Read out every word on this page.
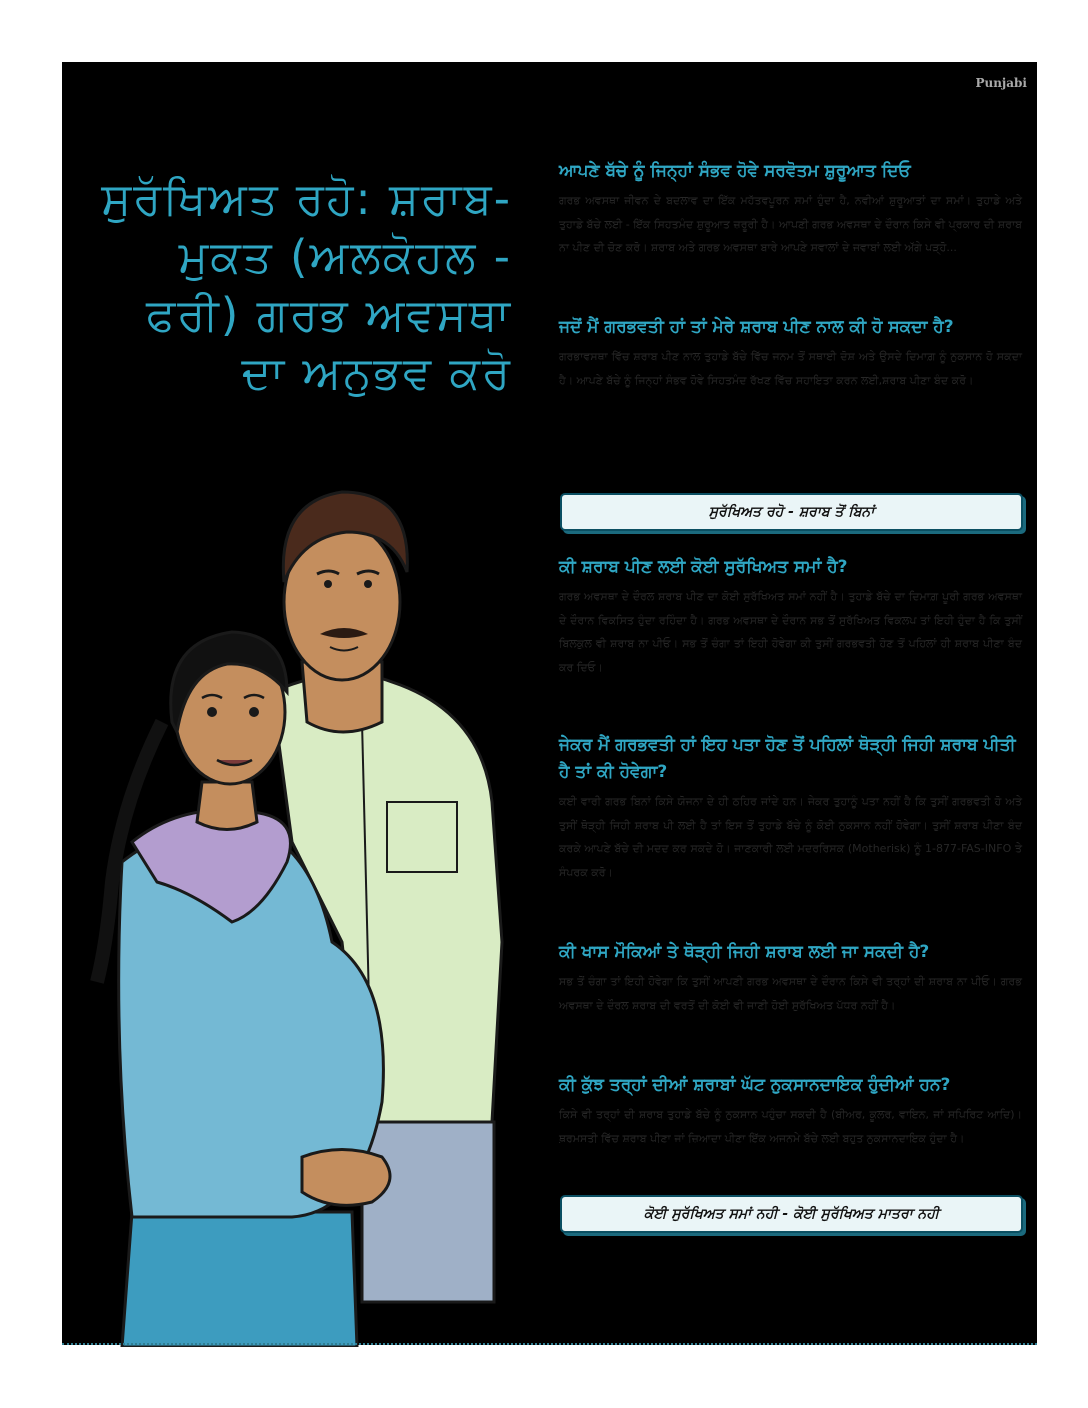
Punjabi
ਸੁਰੱਖਿਅਤ ਰਹੋ: ਸ਼ਰਾਬ-
ਮੁਕਤ (ਅਲਕੋਹਲ -
ਫਰੀ) ਗਰਭ ਅਵਸਥਾ
ਦਾ ਅਨੁਭਵ ਕਰੋ

ਆਪਣੇ ਬੱਚੇ ਨੂੰ ਜਿਨ੍ਹਾਂ ਸੰਭਵ ਹੋਵੇ ਸਰਵੋਤਮ ਸ਼ੁਰੂਆਤ ਦਿਓ

ਗਰਭ ਅਵਸਥਾ ਜੀਵਨ ਦੇ ਬਦਲਾਵ ਦਾ ਇੱਕ ਮਹੱਤਵਪੂਰਨ ਸਮਾਂ ਹੁੰਦਾ ਹੈ, ਨਵੀਆਂ ਸ਼ੁਰੂਆਤਾਂ ਦਾ ਸਮਾਂ। ਤੁਹਾਡੇ ਅਤੇ ਤੁਹਾਡੇ ਬੱਚੇ ਲਈ - ਇੱਕ ਸਿਹਤਮੰਦ ਸ਼ੁਰੂਆਤ ਜ਼ਰੂਰੀ ਹੈ। ਆਪਣੀ ਗਰਭ ਅਵਸਥਾ ਦੇ ਦੌਰਾਨ ਕਿਸੇ ਵੀ ਪ੍ਰਕਾਰ ਦੀ ਸ਼ਰਾਬ ਨਾ ਪੀਣ ਦੀ ਚੋਣ ਕਰੋ। ਸ਼ਰਾਬ ਅਤੇ ਗਰਭ ਅਵਸਥਾ ਬਾਰੇ ਆਪਣੇ ਸਵਾਲਾਂ ਦੇ ਜਵਾਬਾਂ ਲਈ ਅੱਗੇ ਪੜ੍ਹੋ...

ਜਦੋਂ ਮੈਂ ਗਰਭਵਤੀ ਹਾਂ ਤਾਂ ਮੇਰੇ ਸ਼ਰਾਬ ਪੀਣ ਨਾਲ ਕੀ ਹੋ ਸਕਦਾ ਹੈ?

ਗਰਭਾਵਸਥਾ ਵਿੱਚ ਸ਼ਰਾਬ ਪੀਣ ਨਾਲ ਤੁਹਾਡੇ ਬੱਚੇ ਵਿੱਚ ਜਨਮ ਤੋਂ ਸਥਾਈ ਦੋਸ਼ ਅਤੇ ਉਸਦੇ ਦਿਮਾਗ਼ ਨੂੰ ਨੁਕਸਾਨ ਹੋ ਸਕਦਾ ਹੈ। ਆਪਣੇ ਬੱਚੇ ਨੂੰ ਜਿਨ੍ਹਾਂ ਸੰਭਵ ਹੋਵੇ ਸਿਹਤਮੰਦ ਰੱਖਣ ਵਿੱਚ ਸਹਾਇਤਾ ਕਰਨ ਲਈ,ਸ਼ਰਾਬ ਪੀਣਾ ਬੰਦ ਕਰੋ।

ਸੁਰੱਖਿਅਤ ਰਹੋ - ਸ਼ਰਾਬ ਤੋਂ ਬਿਨਾਂ

ਕੀ ਸ਼ਰਾਬ ਪੀਣ ਲਈ ਕੋਈ ਸੁਰੱਖਿਅਤ ਸਮਾਂ ਹੈ?

ਗਰਭ ਅਵਸਥਾ ਦੇ ਦੌਰਲ ਸ਼ਰਾਬ ਪੀਣ ਦਾ ਕੋਈ ਸੁਰੱਖਿਅਤ ਸਮਾਂ ਨਹੀਂ ਹੈ। ਤੁਹਾਡੇ ਬੱਚੇ ਦਾ ਦਿਮਾਗ਼ ਪੂਰੀ ਗਰਭ ਅਵਸਥਾ ਦੇ ਦੌਰਾਨ ਵਿਕਸਿਤ ਹੁੰਦਾ ਰਹਿੰਦਾ ਹੈ। ਗਰਭ ਅਵਸਥਾ ਦੇ ਦੌਰਾਨ ਸਭ ਤੋਂ ਸੁਰੱਖਿਅਤ ਵਿਕਲਪ ਤਾਂ ਇਹੀ ਹੁੰਦਾ ਹੈ ਕਿ ਤੁਸੀਂ ਬਿਲਕੁਲ ਵੀ ਸ਼ਰਾਬ ਨਾ ਪੀਓ। ਸਭ ਤੋਂ ਚੰਗਾ ਤਾਂ ਇਹੀ ਹੋਵੇਗਾ ਕੀ ਤੁਸੀਂ ਗਰਭਵਤੀ ਹੋਣ ਤੋਂ ਪਹਿਲਾਂ ਹੀ ਸ਼ਰਾਬ ਪੀਣਾ ਬੰਦ ਕਰ ਦਿਓ।

ਜੇਕਰ ਮੈਂ ਗਰਭਵਤੀ ਹਾਂ ਇਹ ਪਤਾ ਹੋਣ ਤੋਂ ਪਹਿਲਾਂ ਥੋੜ੍ਹੀ ਜਿਹੀ ਸ਼ਰਾਬ ਪੀਤੀ ਹੈ ਤਾਂ ਕੀ ਹੋਵੇਗਾ?

ਕਈ ਵਾਰੀ ਗਰਭ ਬਿਨਾਂ ਕਿਸੇ ਯੋਜਨਾ ਦੇ ਹੀ ਠਹਿਰ ਜਾਂਦੇ ਹਨ। ਜੇਕਰ ਤੁਹਾਨੂੰ ਪਤਾ ਨਹੀਂ ਹੈ ਕਿ ਤੁਸੀਂ ਗਰਭਵਤੀ ਹੋ ਅਤੇ ਤੁਸੀਂ ਥੋੜ੍ਹੀ ਜਿਹੀ ਸ਼ਰਾਬ ਪੀ ਲਈ ਹੈ ਤਾਂ ਇਸ ਤੋਂ ਤੁਹਾਡੇ ਬੱਚੇ ਨੂੰ ਕੋਈ ਨੁਕਸਾਨ ਨਹੀਂ ਹੋਵੇਗਾ। ਤੁਸੀਂ ਸ਼ਰਾਬ ਪੀਣਾ ਬੰਦ ਕਰਕੇ ਆਪਣੇ ਬੱਚੇ ਦੀ ਮਦਦ ਕਰ ਸਕਦੇ ਹੋ। ਜਾਣਕਾਰੀ ਲਈ ਮਦਰਰਿਸਕ (Motherisk) ਨੂੰ 1-877-FAS-INFO ਤੇ ਸੰਪਰਕ ਕਰੋ।

ਕੀ ਖਾਸ ਮੌਕਿਆਂ ਤੇ ਥੋੜ੍ਹੀ ਜਿਹੀ ਸ਼ਰਾਬ ਲਈ ਜਾ ਸਕਦੀ ਹੈ?

ਸਭ ਤੋਂ ਚੰਗਾ ਤਾਂ ਇਹੀ ਹੋਵੇਗਾ ਕਿ ਤੁਸੀਂ ਆਪਣੀ ਗਰਭ ਅਵਸਥਾ ਦੇ ਦੌਰਾਨ ਕਿਸੇ ਵੀ ਤਰ੍ਹਾਂ ਦੀ ਸ਼ਰਾਬ ਨਾ ਪੀਓ। ਗਰਭ ਅਵਸਥਾ ਦੇ ਦੌਰਲ ਸ਼ਰਾਬ ਦੀ ਵਰਤੋਂ ਦੀ ਕੋਈ ਵੀ ਜਾਣੀ ਹੋਈ ਸੁਰੱਖਿਅਤ ਪੱਧਰ ਨਹੀਂ ਹੈ।

ਕੀ ਕੁੱਝ ਤਰ੍ਹਾਂ ਦੀਆਂ ਸ਼ਰਾਬਾਂ ਘੱਟ ਨੁਕਸਾਨਦਾਇਕ ਹੁੰਦੀਆਂ ਹਨ?

ਕਿਸੇ ਵੀ ਤਰ੍ਹਾਂ ਦੀ ਸ਼ਰਾਬ ਤੁਹਾਡੇ ਬੱਚੇ ਨੂੰ ਨੁਕਸਾਨ ਪਹੁੰਚਾ ਸਕਦੀ ਹੈ (ਬੀਅਰ, ਕੂਲਰ, ਵਾਇਨ, ਜਾਂ ਸਪਿਰਿਟ ਆਦਿ)। ਥ਼ਰਮਸਤੀ ਵਿੱਚ ਸ਼ਰਾਬ ਪੀਣਾ ਜਾਂ ਜ਼ਿਆਦਾ ਪੀਣਾ ਇੱਕ ਅਜਨਮੇ ਬੱਚੇ ਲਈ ਬਹੁਤ ਨੁਕਸਾਨਦਾਇਕ ਹੁੰਦਾ ਹੈ।

ਕੋਈ ਸੁਰੱਖਿਅਤ ਸਮਾਂ ਨਹੀ - ਕੋਈ ਸੁਰੱਖਿਅਤ ਮਾਤਰਾ ਨਹੀ
